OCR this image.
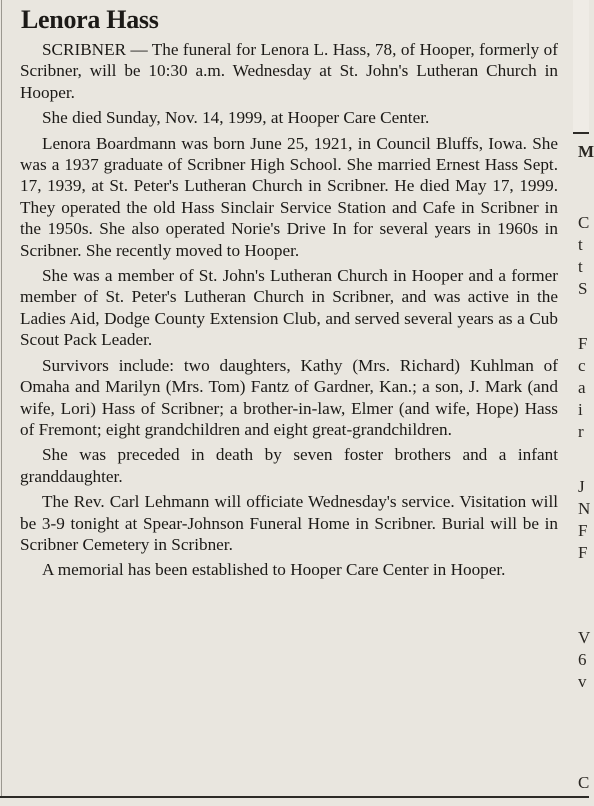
Lenora Hass

SCRIBNER — The funeral for Lenora L. Hass, 78, of Hooper, formerly of Scribner, will be 10:30 a.m. Wednesday at St. John's Lutheran Church in Hooper.

She died Sunday, Nov. 14, 1999, at Hooper Care Center.

Lenora Boardmann was born June 25, 1921, in Council Bluffs, Iowa. She was a 1937 graduate of Scribner High School. She married Ernest Hass Sept. 17, 1939, at St. Peter's Lutheran Church in Scribner. He died May 17, 1999. They operated the old Hass Sinclair Service Station and Cafe in Scribner in the 1950s. She also operated Norie's Drive In for several years in 1960s in Scribner. She recently moved to Hooper.

She was a member of St. John's Lutheran Church in Hooper and a former member of St. Peter's Lutheran Church in Scribner, and was active in the Ladies Aid, Dodge County Extension Club, and served several years as a Cub Scout Pack Leader.

Survivors include: two daughters, Kathy (Mrs. Richard) Kuhlman of Omaha and Marilyn (Mrs. Tom) Fantz of Gardner, Kan.; a son, J. Mark (and wife, Lori) Hass of Scribner; a brother-in-law, Elmer (and wife, Hope) Hass of Fremont; eight grandchildren and eight great-grandchildren.

She was preceded in death by seven foster brothers and a infant granddaughter.

The Rev. Carl Lehmann will officiate Wednesday's service. Visitation will be 3-9 tonight at Spear-Johnson Funeral Home in Scribner. Burial will be in Scribner Cemetery in Scribner.

A memorial has been established to Hooper Care Center in Hooper.

M
C
t
t
S
F
c
a
i
r
J
N
F
F
V
6
v
C
